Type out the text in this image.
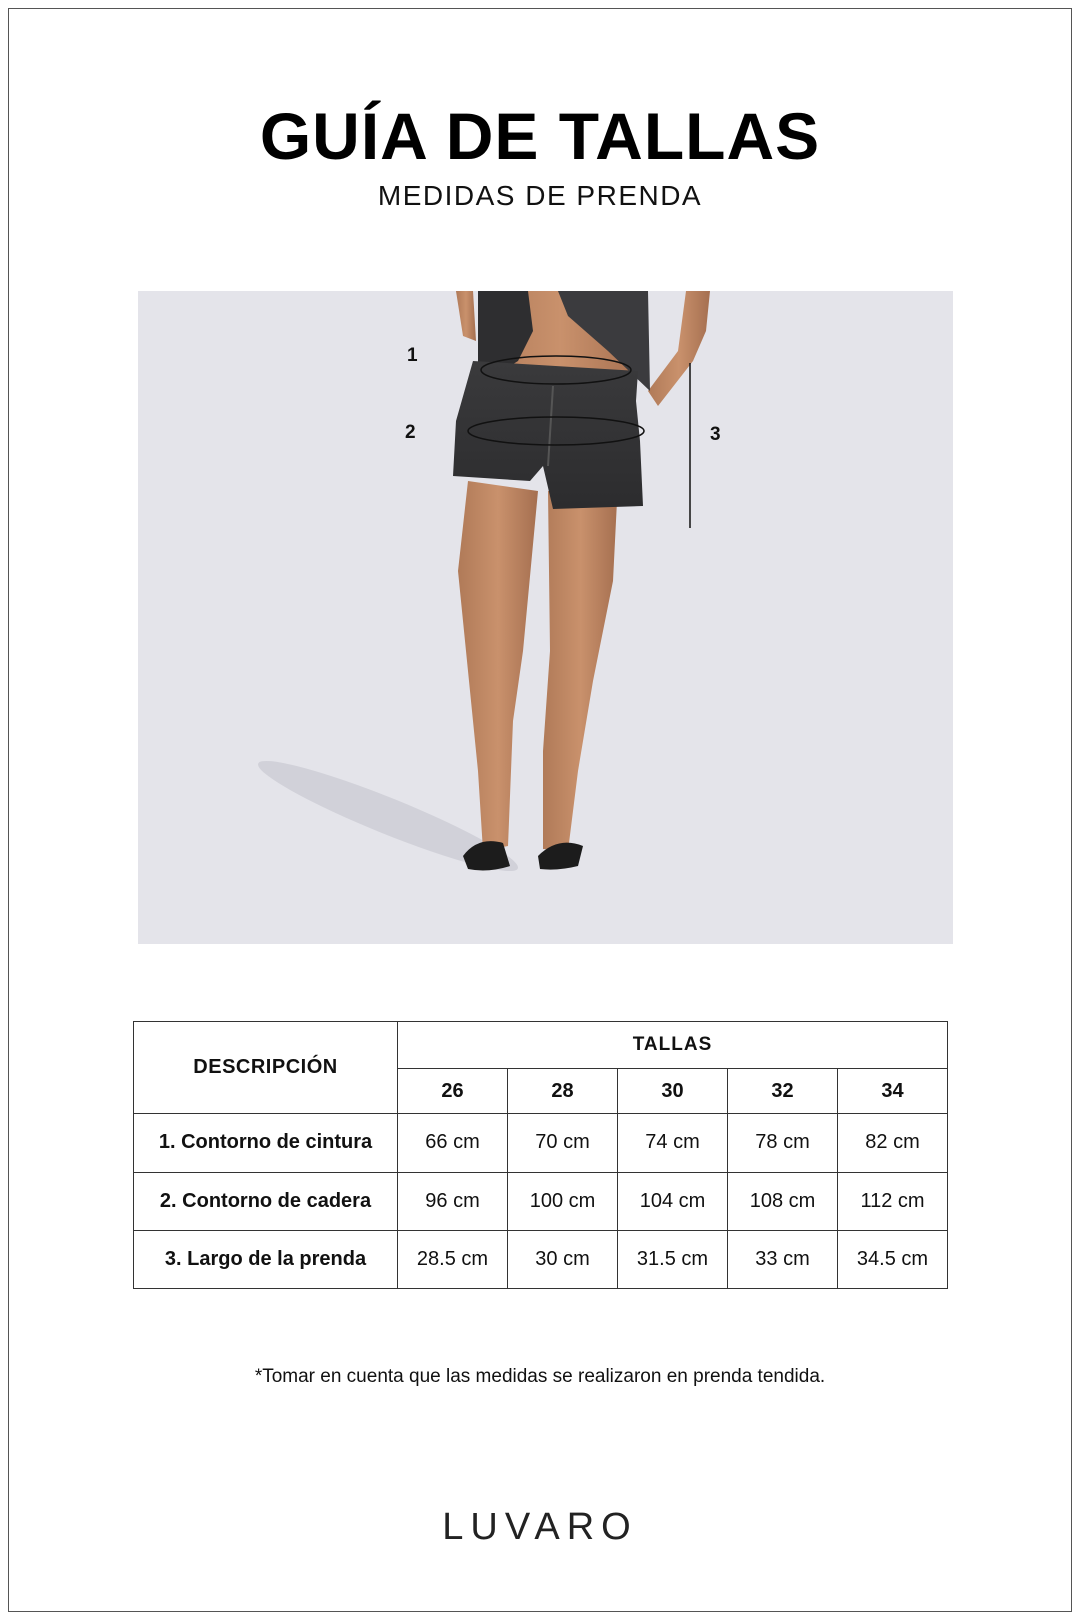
GUÍA DE TALLAS
MEDIDAS DE PRENDA
1
2	3
DESCRIPCIÓN	TALLAS				
	26	28	30	32	34
1. Contorno de cintura	66 cm	70 cm	74 cm	78 cm	82 cm
2. Contorno de cadera	96 cm	100 cm	104 cm	108 cm	112 cm
3. Largo de la prenda	28.5 cm	30 cm	31.5 cm	33 cm	34.5 cm
*Tomar en cuenta que las medidas se realizaron en prenda tendida.
LUVARO
